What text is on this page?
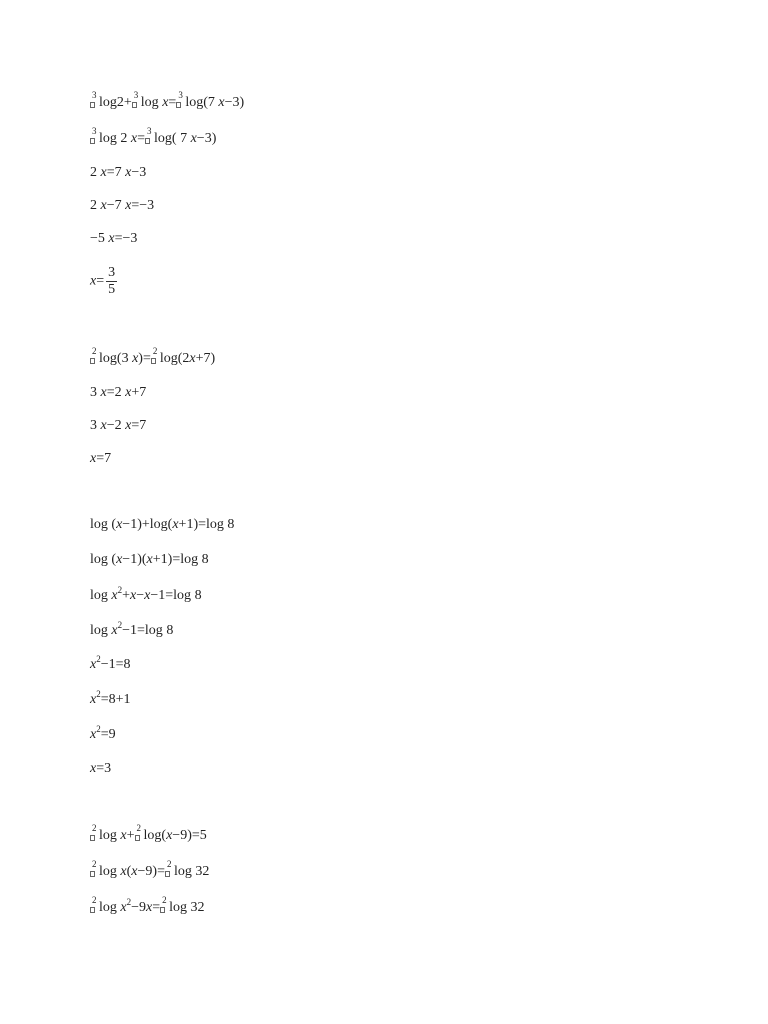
3 log2+ 3 log x= 3 log(7 x−3)
3 log 2 x= 3 log( 7 x−3)
2 x=7 x−3
2 x−7 x=−3
−5 x=−3
$x= \frac{3}{5}$
2 log(3 x)= 2 log(2x+7)
3 x=2 x+7
3 x−2 x=7
x=7
log (x−1)+log(x+1)=log 8
log (x−1)(x+1)=log 8
$\log x^2+x-x-1=\log$ 8
$\log x^2-1=\log$ 8
$x^2-1=8$
$x^2=8+1$
$x^2=9$
x=3
2 log x+ 2 log(x−9)=5
2 log x(x−9)= 2 log 32
2 $\log x^2-9x= 2$ log 32
